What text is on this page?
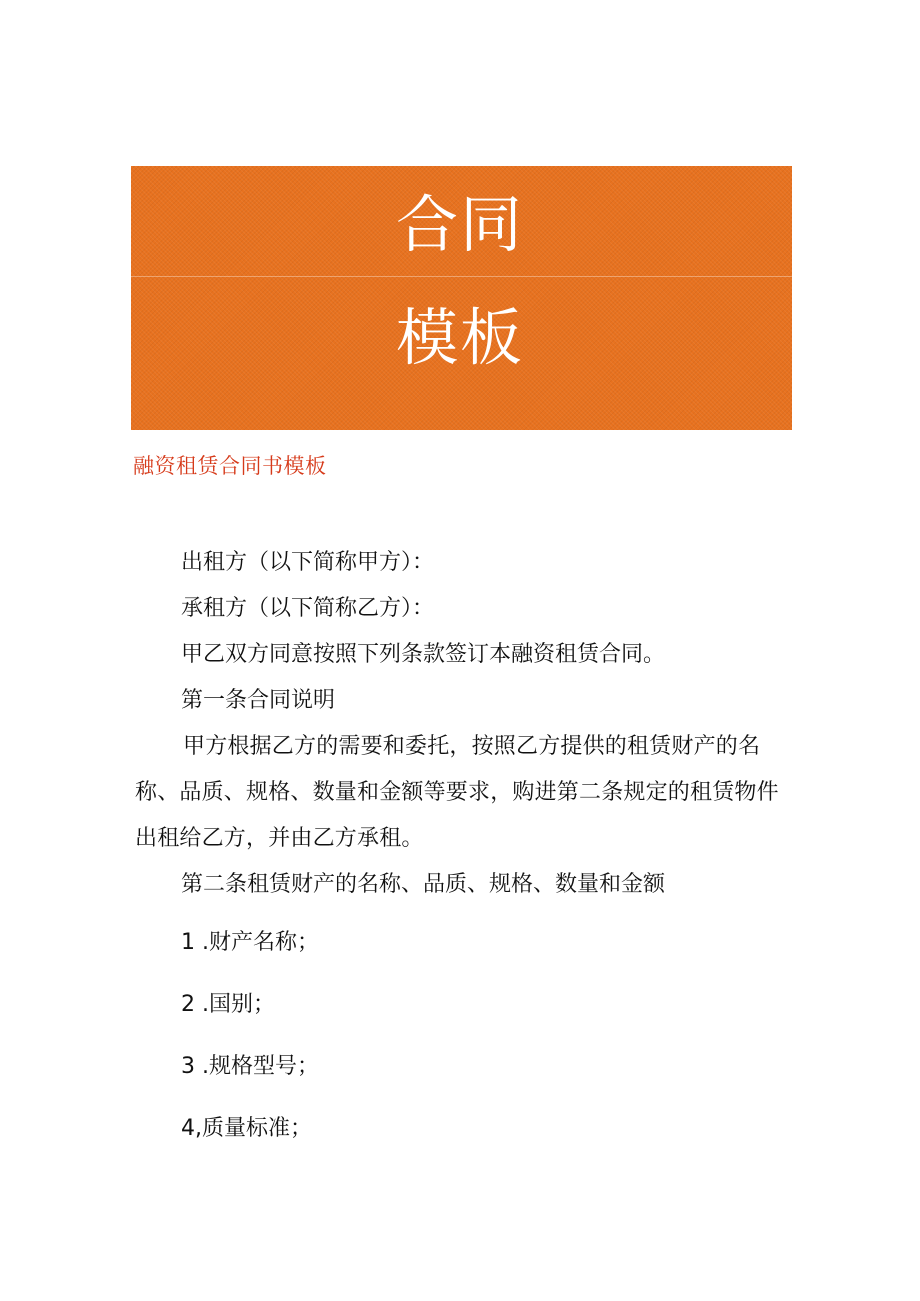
合同
模板
融资租赁合同书模板

出租方（以下简称甲方）：

承租方（以下简称乙方）：

甲乙双方同意按照下列条款签订本融资租赁合同。

第一条合同说明

甲方根据乙方的需要和委托，按照乙方提供的租赁财产的名称、品质、规格、数量和金额等要求，购进第二条规定的租赁物件出租给乙方，并由乙方承租。

第二条租赁财产的名称、品质、规格、数量和金额

1 .财产名称；

2 .国别；

3 .规格型号；

4,质量标准；
